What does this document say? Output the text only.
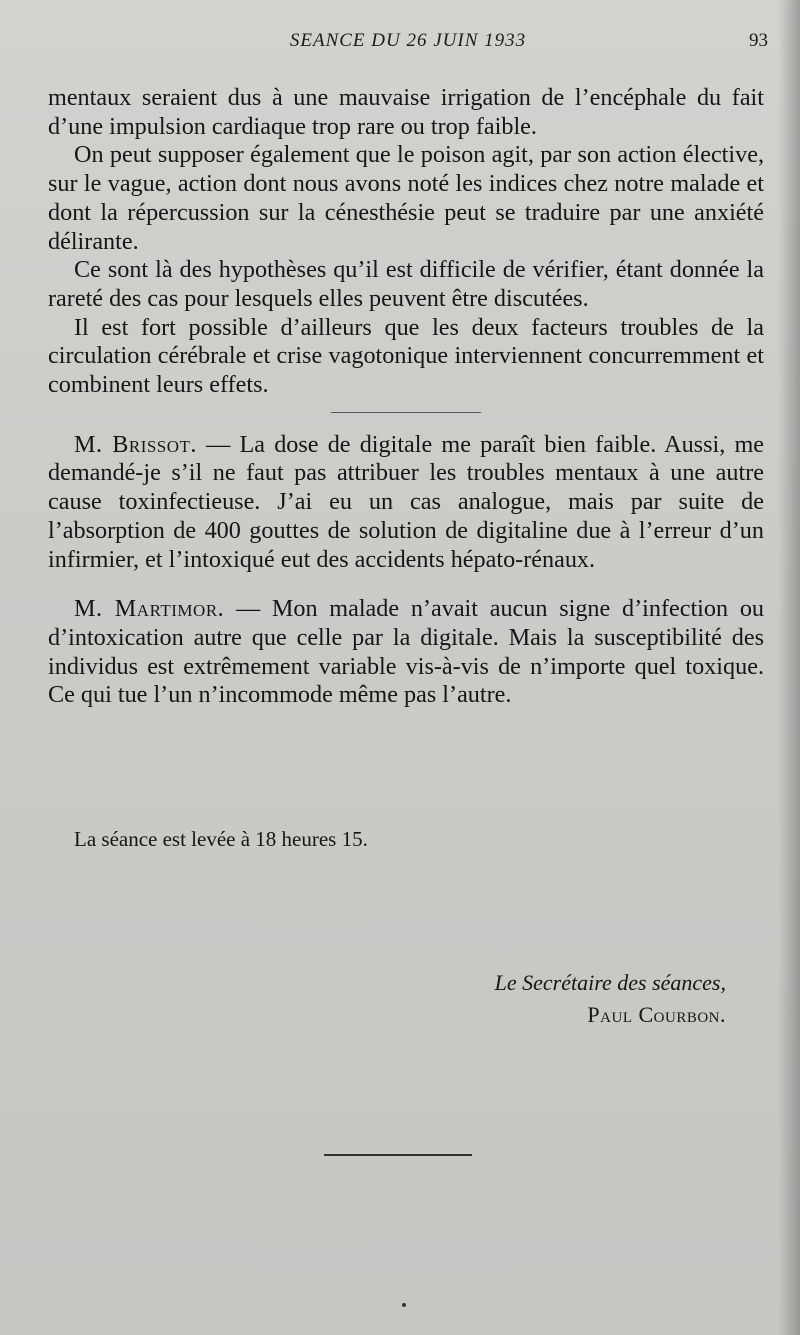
SEANCE DU 26 JUIN 1933	93

mentaux seraient dus à une mauvaise irrigation de l’encéphale du fait d’une impulsion cardiaque trop rare ou trop faible.

On peut supposer également que le poison agit, par son action élective, sur le vague, action dont nous avons noté les indices chez notre malade et dont la répercussion sur la cénesthésie peut se traduire par une anxiété délirante.

Ce sont là des hypothèses qu’il est difficile de vérifier, étant donnée la rareté des cas pour lesquels elles peuvent être discutées.

Il est fort possible d’ailleurs que les deux facteurs troubles de la circulation cérébrale et crise vagotonique interviennent concurremment et combinent leurs effets.

M. Brissot. — La dose de digitale me paraît bien faible. Aussi, me demandé-je s’il ne faut pas attribuer les troubles mentaux à une autre cause toxinfectieuse. J’ai eu un cas analogue, mais par suite de l’absorption de 400 gouttes de solution de digitaline due à l’erreur d’un infirmier, et l’intoxiqué eut des accidents hépato-rénaux.

M. Martimor. — Mon malade n’avait aucun signe d’infection ou d’intoxication autre que celle par la digitale. Mais la susceptibilité des individus est extrêmement variable vis-à-vis de n’importe quel toxique. Ce qui tue l’un n’incommode même pas l’autre.

La séance est levée à 18 heures 15.
Le Secrétaire des séances,
Paul Courbon.
